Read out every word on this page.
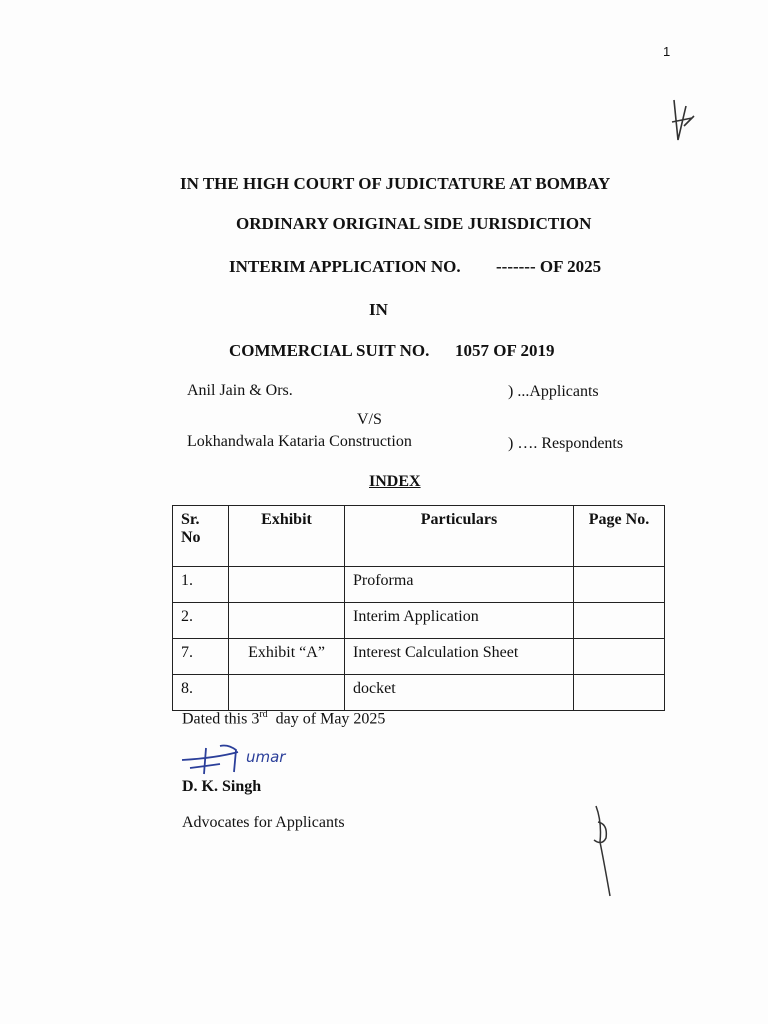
1
IN THE HIGH COURT OF JUDICTATURE AT BOMBAY
ORDINARY ORIGINAL SIDE JURISDICTION
INTERIM APPLICATION NO. ------- OF 2025
IN
COMMERCIAL SUIT NO. 1057 OF 2019
Anil Jain & Ors.	) ...Applicants
V/S
Lokhandwala Kataria Construction	) …. Respondents
INDEX
Sr. No	Exhibit	Particulars	Page No.
1.		Proforma	
2.		Interim Application	
7.	Exhibit “A”	Interest Calculation Sheet	
8.		docket	
Dated this 3rd  day of May 2025
umar
D. K. Singh
Advocates for Applicants
